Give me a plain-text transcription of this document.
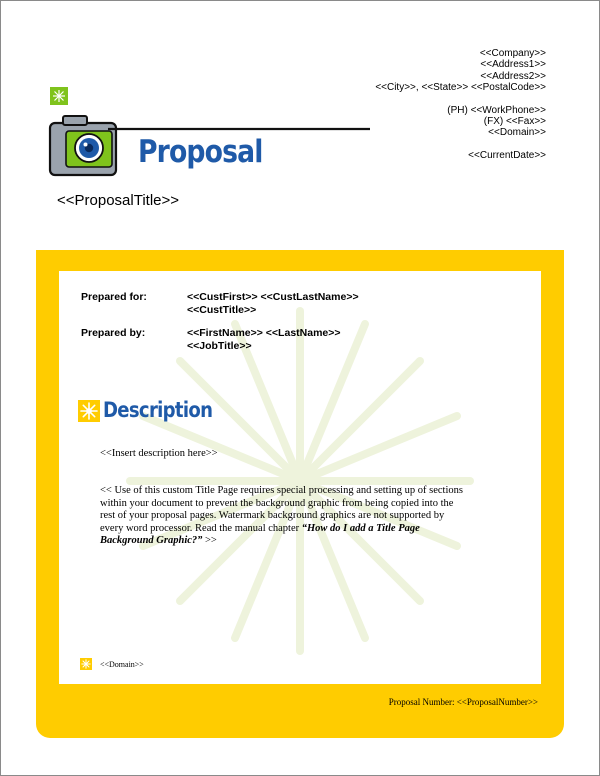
<<Company>>
<<Address1>>
<<Address2>>
<<City>>, <<State>> <<PostalCode>>
(PH) <<WorkPhone>>
(FX) <<Fax>>
<<Domain>>
<<CurrentDate>>
Proposal
<<ProposalTitle>>
Prepared for:	<<CustFirst>> <<CustLastName>>
<<CustTitle>>
Prepared by:	<<FirstName>> <<LastName>>
<<JobTitle>>
Description
<<Insert description here>>
<< Use of this custom Title Page requires special processing and setting up of sections within your document to prevent the background graphic from being copied into the rest of your proposal pages. Watermark background graphics are not supported by every word processor. Read the manual chapter “How do I add a Title Page Background Graphic?” >>
<<Domain>>
Proposal Number: <<ProposalNumber>>
